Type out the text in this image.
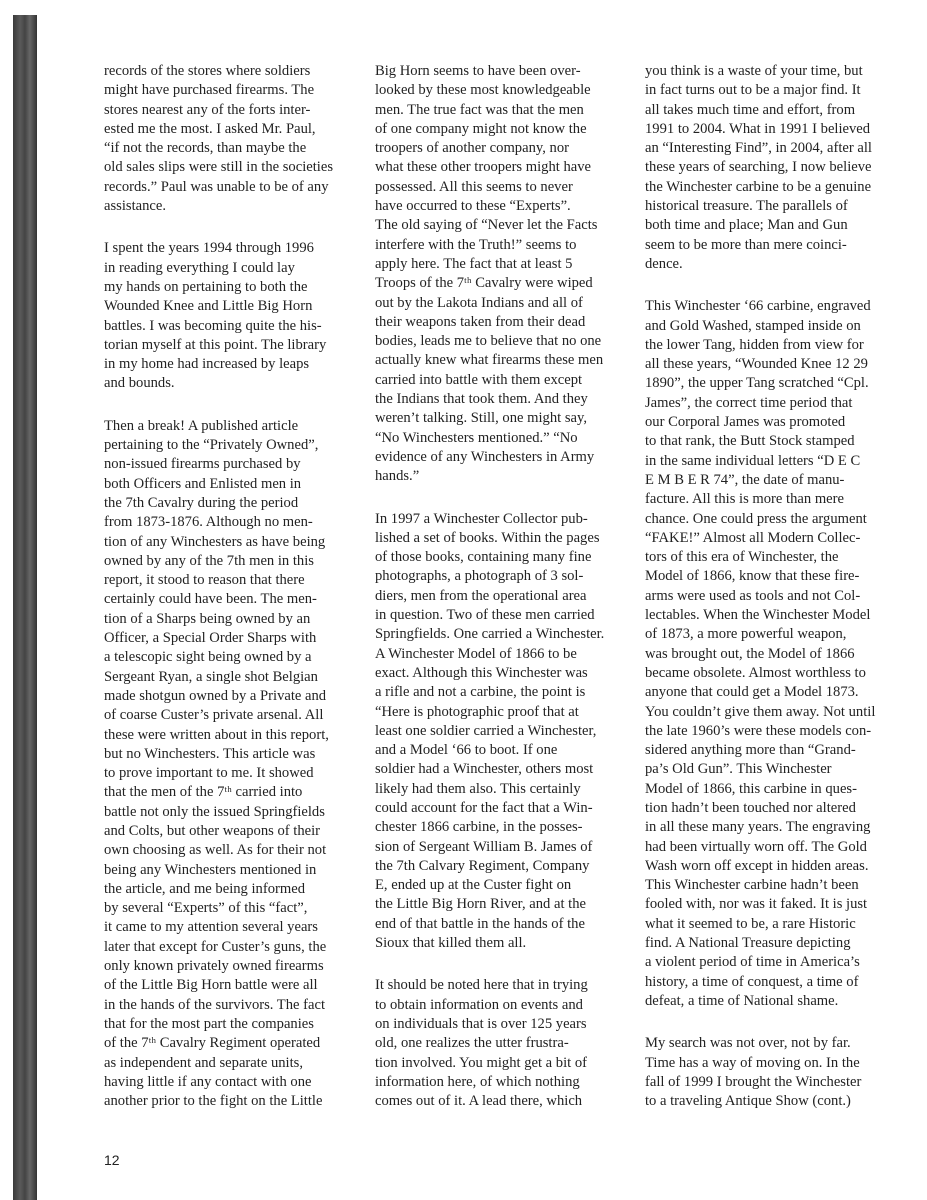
records of the stores where soldiers
might have purchased firearms. The
stores nearest any of the forts inter-
ested me the most. I asked Mr. Paul,
“if not the records, than maybe the
old sales slips were still in the societies
records.” Paul was unable to be of any
assistance.
I spent the years 1994 through 1996
in reading everything I could lay
my hands on pertaining to both the
Wounded Knee and Little Big Horn
battles. I was becoming quite the his-
torian myself at this point. The library
in my home had increased by leaps
and bounds.
Then a break! A published article
pertaining to the “Privately Owned”,
non-issued firearms purchased by
both Officers and Enlisted men in
the 7th Cavalry during the period
from 1873-1876. Although no men-
tion of any Winchesters as have being
owned by any of the 7th men in this
report, it stood to reason that there
certainly could have been. The men-
tion of a Sharps being owned by an
Officer, a Special Order Sharps with
a telescopic sight being owned by a
Sergeant Ryan, a single shot Belgian
made shotgun owned by a Private and
of coarse Custer’s private arsenal. All
these were written about in this report,
but no Winchesters. This article was
to prove important to me. It showed
that the men of the 7ᵗʰ carried into
battle not only the issued Springfields
and Colts, but other weapons of their
own choosing as well. As for their not
being any Winchesters mentioned in
the article, and me being informed
by several “Experts” of this “fact”,
it came to my attention several years
later that except for Custer’s guns, the
only known privately owned firearms
of the Little Big Horn battle were all
in the hands of the survivors. The fact
that for the most part the companies
of the 7ᵗʰ Cavalry Regiment operated
as independent and separate units,
having little if any contact with one
another prior to the fight on the Little
Big Horn seems to have been over-
looked by these most knowledgeable
men. The true fact was that the men
of one company might not know the
troopers of another company, nor
what these other troopers might have
possessed. All this seems to never
have occurred to these “Experts”.
The old saying of “Never let the Facts
interfere with the Truth!” seems to
apply here. The fact that at least 5
Troops of the 7ᵗʰ Cavalry were wiped
out by the Lakota Indians and all of
their weapons taken from their dead
bodies, leads me to believe that no one
actually knew what firearms these men
carried into battle with them except
the Indians that took them. And they
weren’t talking. Still, one might say,
“No Winchesters mentioned.” “No
evidence of any Winchesters in Army
hands.”
In 1997 a Winchester Collector pub-
lished a set of books. Within the pages
of those books, containing many fine
photographs, a photograph of 3 sol-
diers, men from the operational area
in question. Two of these men carried
Springfields. One carried a Winchester.
A Winchester Model of 1866 to be
exact. Although this Winchester was
a rifle and not a carbine, the point is
“Here is photographic proof that at
least one soldier carried a Winchester,
and a Model ‘66 to boot. If one
soldier had a Winchester, others most
likely had them also. This certainly
could account for the fact that a Win-
chester 1866 carbine, in the posses-
sion of Sergeant William B. James of
the 7th Calvary Regiment, Company
E, ended up at the Custer fight on
the Little Big Horn River, and at the
end of that battle in the hands of the
Sioux that killed them all.
It should be noted here that in trying
to obtain information on events and
on individuals that is over 125 years
old, one realizes the utter frustra-
tion involved. You might get a bit of
information here, of which nothing
comes out of it. A lead there, which
you think is a waste of your time, but
in fact turns out to be a major find. It
all takes much time and effort, from
1991 to 2004. What in 1991 I believed
an “Interesting Find”, in 2004, after all
these years of searching, I now believe
the Winchester carbine to be a genuine
historical treasure. The parallels of
both time and place; Man and Gun
seem to be more than mere coinci-
dence.
This Winchester ‘66 carbine, engraved
and Gold Washed, stamped inside on
the lower Tang, hidden from view for
all these years, “Wounded Knee 12 29
1890”, the upper Tang scratched “Cpl.
James”, the correct time period that
our Corporal James was promoted
to that rank, the Butt Stock stamped
in the same individual letters “D E C
E M B E R 74”, the date of manu-
facture. All this is more than mere
chance. One could press the argument
“FAKE!” Almost all Modern Collec-
tors of this era of Winchester, the
Model of 1866, know that these fire-
arms were used as tools and not Col-
lectables. When the Winchester Model
of 1873, a more powerful weapon,
was brought out, the Model of 1866
became obsolete. Almost worthless to
anyone that could get a Model 1873.
You couldn’t give them away. Not until
the late 1960’s were these models con-
sidered anything more than “Grand-
pa’s Old Gun”. This Winchester
Model of 1866, this carbine in ques-
tion hadn’t been touched nor altered
in all these many years. The engraving
had been virtually worn off. The Gold
Wash worn off except in hidden areas.
This Winchester carbine hadn’t been
fooled with, nor was it faked. It is just
what it seemed to be, a rare Historic
find. A National Treasure depicting
a violent period of time in America’s
history, a time of conquest, a time of
defeat, a time of National shame.
My search was not over, not by far.
Time has a way of moving on. In the
fall of 1999 I brought the Winchester
to a traveling Antique Show (cont.)
12
